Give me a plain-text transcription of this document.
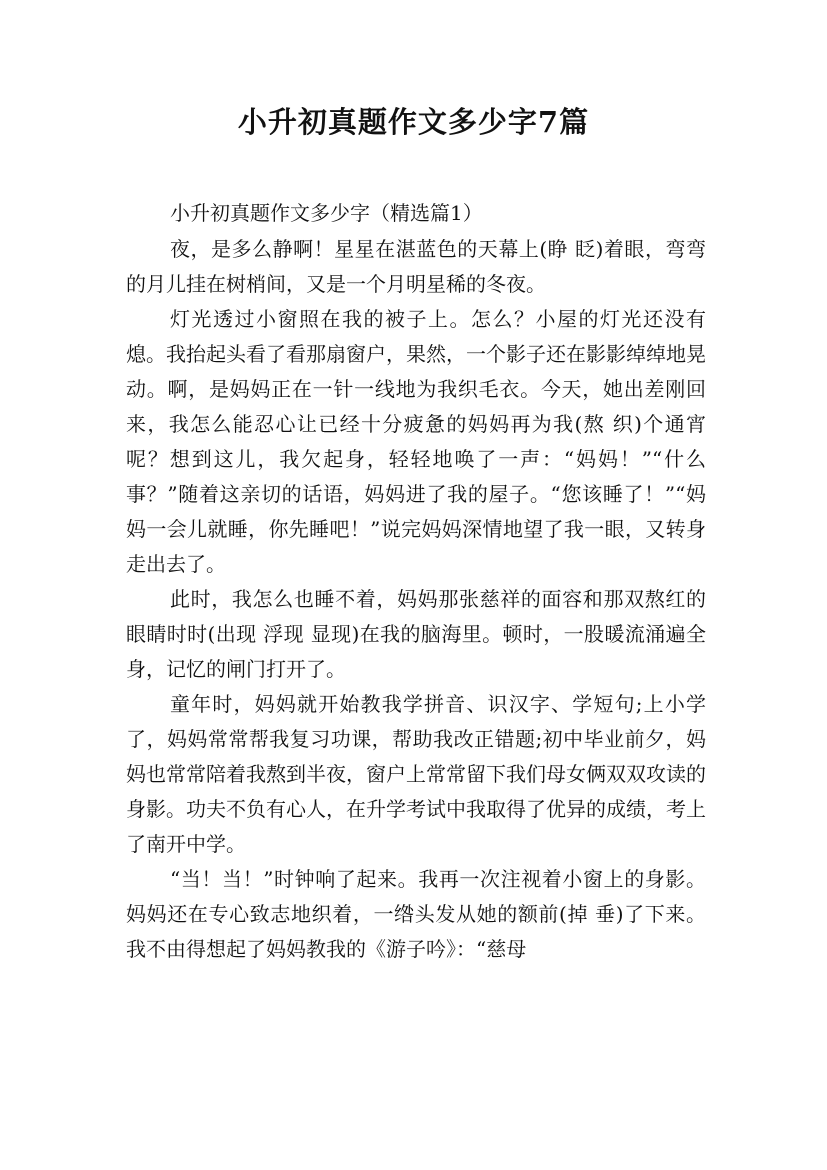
小升初真题作文多少字7篇

小升初真题作文多少字（精选篇1）

夜，是多么静啊！星星在湛蓝色的天幕上(睁 眨)着眼，弯弯的月儿挂在树梢间，又是一个月明星稀的冬夜。

灯光透过小窗照在我的被子上。怎么？小屋的灯光还没有熄。我抬起头看了看那扇窗户，果然，一个影子还在影影绰绰地晃动。啊，是妈妈正在一针一线地为我织毛衣。今天，她出差刚回来，我怎么能忍心让已经十分疲惫的妈妈再为我(熬 织)个通宵呢？想到这儿，我欠起身，轻轻地唤了一声：“妈妈！”“什么事？”随着这亲切的话语，妈妈进了我的屋子。“您该睡了！”“妈妈一会儿就睡，你先睡吧！”说完妈妈深情地望了我一眼，又转身走出去了。

此时，我怎么也睡不着，妈妈那张慈祥的面容和那双熬红的眼睛时时(出现 浮现 显现)在我的脑海里。顿时，一股暖流涌遍全身，记忆的闸门打开了。

童年时，妈妈就开始教我学拼音、识汉字、学短句;上小学了，妈妈常常帮我复习功课，帮助我改正错题;初中毕业前夕，妈妈也常常陪着我熬到半夜，窗户上常常留下我们母女俩双双攻读的身影。功夫不负有心人，在升学考试中我取得了优异的成绩，考上了南开中学。

“当！当！”时钟响了起来。我再一次注视着小窗上的身影。妈妈还在专心致志地织着，一绺头发从她的额前(掉 垂)了下来。我不由得想起了妈妈教我的《游子吟》：“慈母
